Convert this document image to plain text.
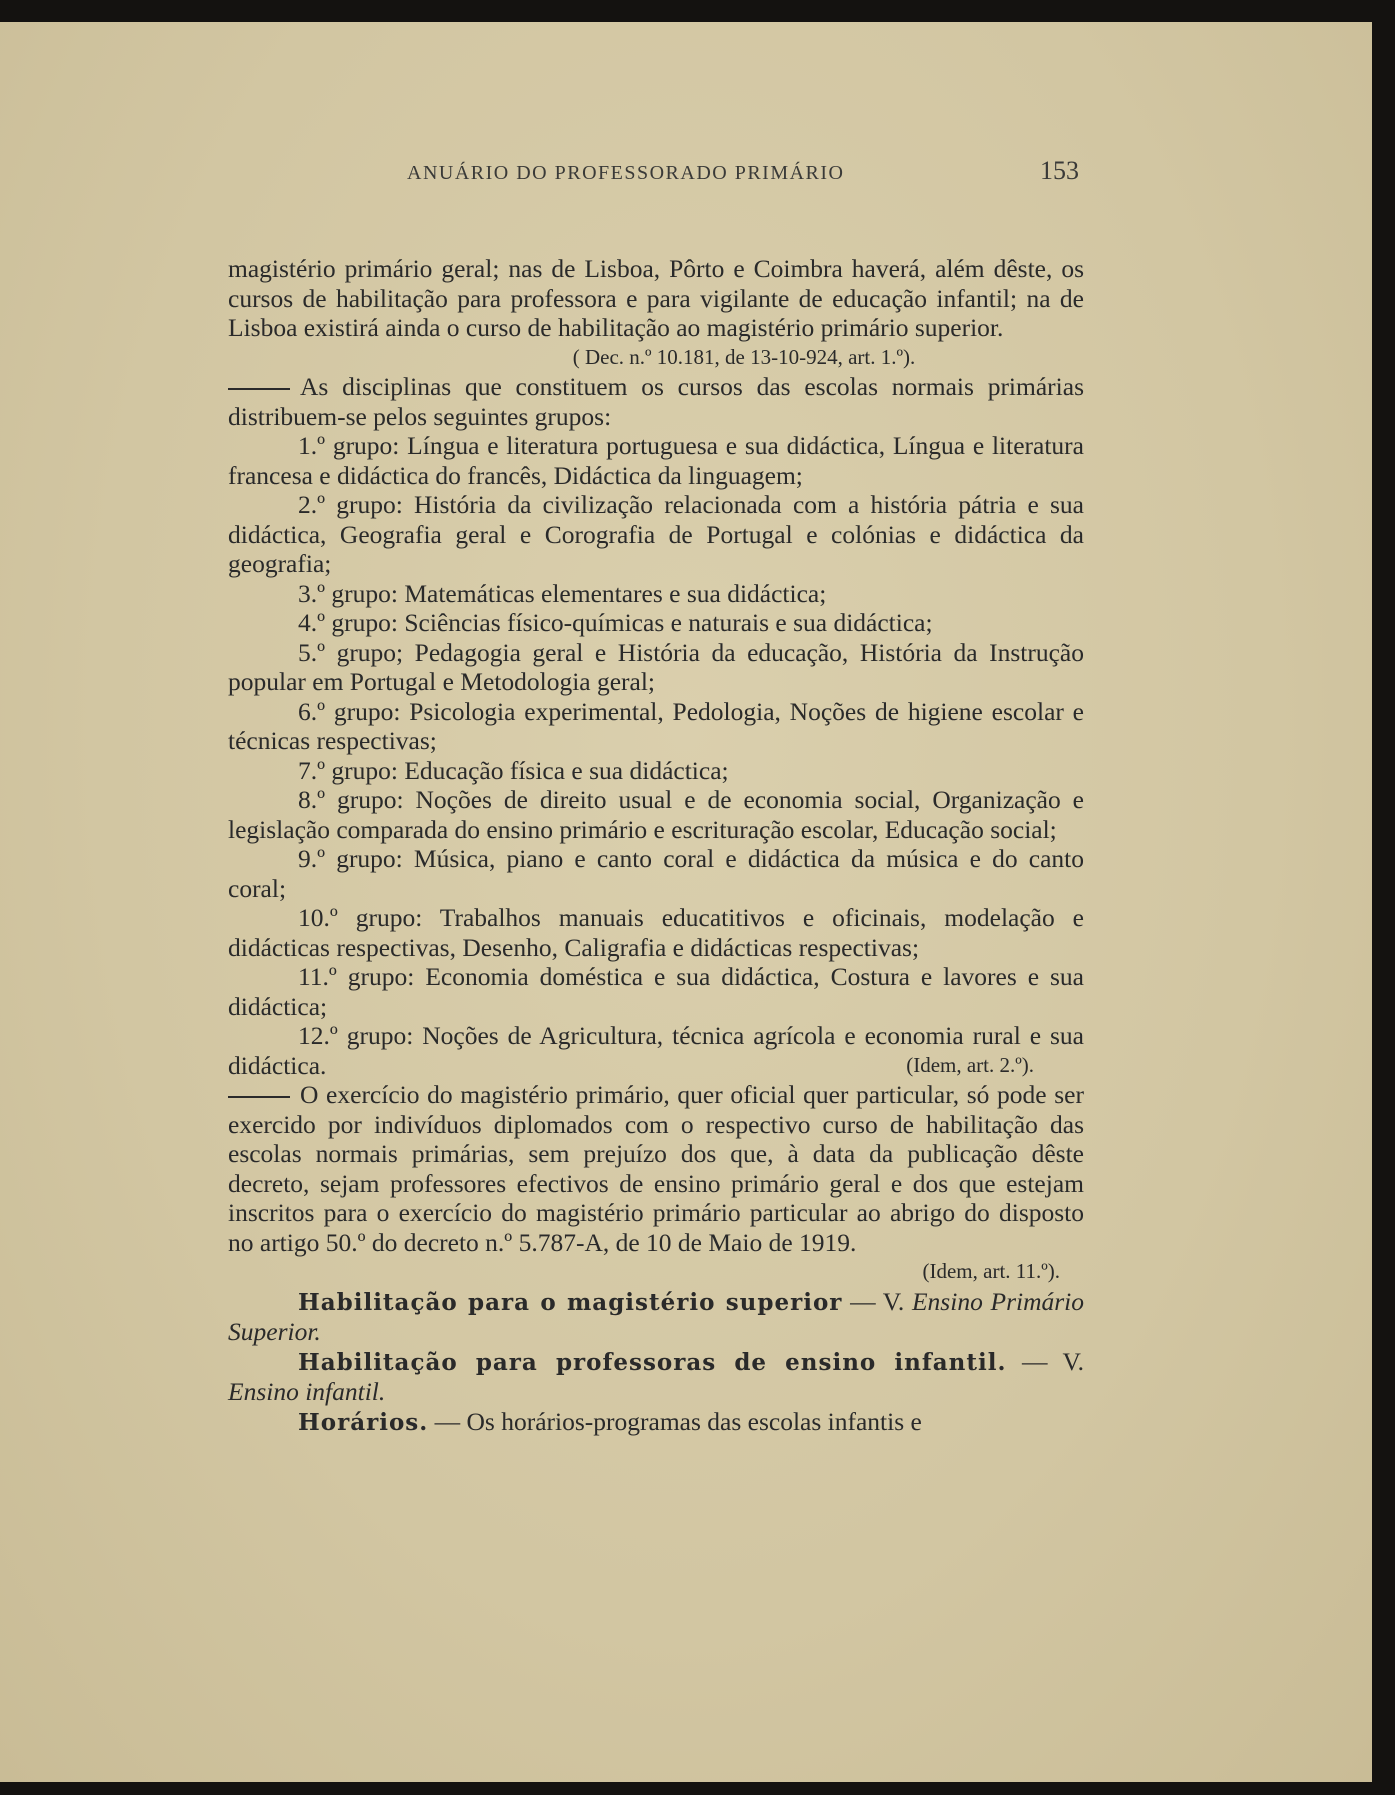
ANUÁRIO DO PROFESSORADO PRIMÁRIO	153

magistério primário geral; nas de Lisboa, Pôrto e Coimbra haverá, além dêste, os cursos de habilitação para professora e para vigilante de educação infantil; na de Lisboa existirá ainda o curso de habilitação ao magistério primário superior.

( Dec. n.º 10.181, de 13-10-924, art. 1.º).

As disciplinas que constituem os cursos das escolas normais primárias distribuem-se pelos seguintes grupos:

1.º grupo: Língua e literatura portuguesa e sua didáctica, Língua e literatura francesa e didáctica do francês, Didáctica da linguagem;

2.º grupo: História da civilização relacionada com a história pátria e sua didáctica, Geografia geral e Corografia de Portugal e colónias e didáctica da geografia;

3.º grupo: Matemáticas elementares e sua didáctica;

4.º grupo: Sciências físico-químicas e naturais e sua didáctica;

5.º grupo; Pedagogia geral e História da educação, História da Instrução popular em Portugal e Metodologia geral;

6.º grupo: Psicologia experimental, Pedologia, Noções de higiene escolar e técnicas respectivas;

7.º grupo: Educação física e sua didáctica;

8.º grupo: Noções de direito usual e de economia social, Organização e legislação comparada do ensino primário e escrituração escolar, Educação social;

9.º grupo: Música, piano e canto coral e didáctica da música e do canto coral;

10.º grupo: Trabalhos manuais educatitivos e oficinais, modelação e didácticas respectivas, Desenho, Caligrafia e didácticas respectivas;

11.º grupo: Economia doméstica e sua didáctica, Costura e lavores e sua didáctica;

12.º grupo: Noções de Agricultura, técnica agrícola e economia rural e sua didáctica.	(Idem, art. 2.º).

O exercício do magistério primário, quer oficial quer particular, só pode ser exercido por indivíduos diplomados com o respectivo curso de habilitação das escolas normais primárias, sem prejuízo dos que, à data da publicação dêste decreto, sejam professores efectivos de ensino primário geral e dos que estejam inscritos para o exercício do magistério primário particular ao abrigo do disposto no artigo 50.º do decreto n.º 5.787-A, de 10 de Maio de 1919.

(Idem, art. 11.º).

Habilitação para o magistério superior — V. Ensino Primário Superior.

Habilitação para professoras de ensino infantil. — V. Ensino infantil.

Horários. — Os horários-programas das escolas infantis e
